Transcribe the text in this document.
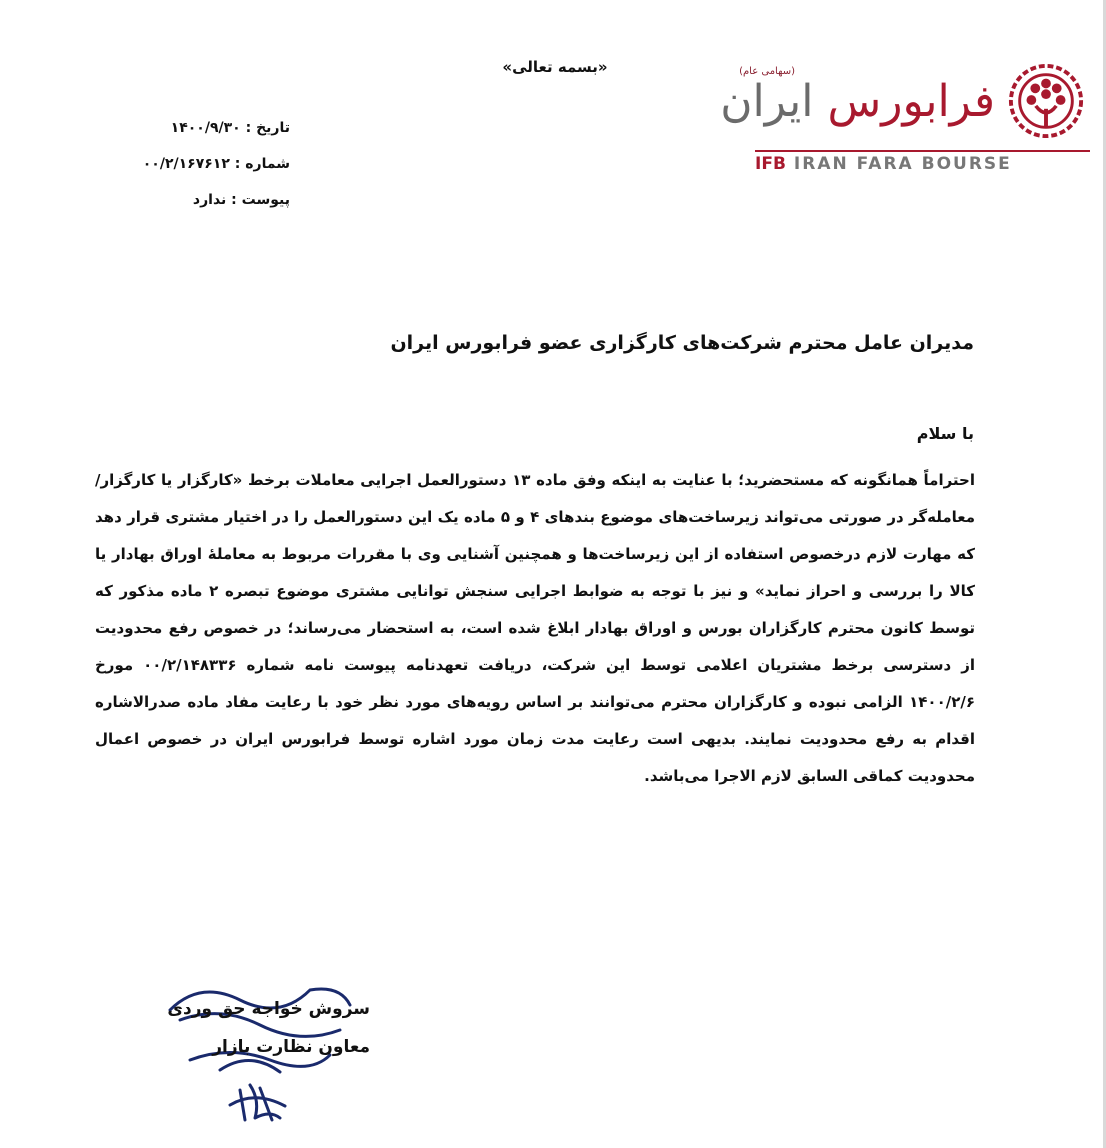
«بسمه تعالی»
تاریخ : ۱۴۰۰/۹/۳۰
شماره : ۰۰/۲/۱۶۷۶۱۲
پیوست : ندارد
(سهامی عام)
فرابورس ایران
IFB IRAN FARA BOURSE
مدیران عامل محترم شرکت‌های کارگزاری عضو فرابورس ایران
با سلام
احتراماً همانگونه که مستحضرید؛ با عنایت به اینکه وفق ماده ۱۳ دستورالعمل اجرایی معاملات برخط «کارگزار یا کارگزار/معامله‌گر در صورتی می‌تواند زیرساخت‌های موضوع بندهای ۴ و ۵ ماده یک این دستورالعمل را در اختیار مشتری قرار دهد که مهارت لازم درخصوص استفاده از این زیرساخت‌ها و همچنین آشنایی وی با مقررات مربوط به معاملهٔ اوراق بهادار یا کالا را بررسی و احراز نماید» و نیز با توجه به ضوابط اجرایی سنجش توانایی مشتری موضوع تبصره ۲ ماده مذکور که توسط کانون محترم کارگزاران بورس و اوراق بهادار ابلاغ شده است، به استحضار می‌رساند؛ در خصوص رفع محدودیت از دسترسی برخط مشتریان اعلامی توسط این شرکت، دریافت تعهدنامه پیوست نامه شماره ۰۰/۲/۱۴۸۳۳۶ مورخ ۱۴۰۰/۲/۶ الزامی نبوده و کارگزاران محترم می‌توانند بر اساس رویه‌های مورد نظر خود با رعایت مفاد ماده صدرالاشاره اقدام به رفع محدودیت نمایند. بدیهی است رعایت مدت زمان مورد اشاره توسط فرابورس ایران در خصوص اعمال محدودیت کماقی السابق لازم الاجرا می‌باشد.
سروش خواجه حق وردی
معاون نظارت بازار
